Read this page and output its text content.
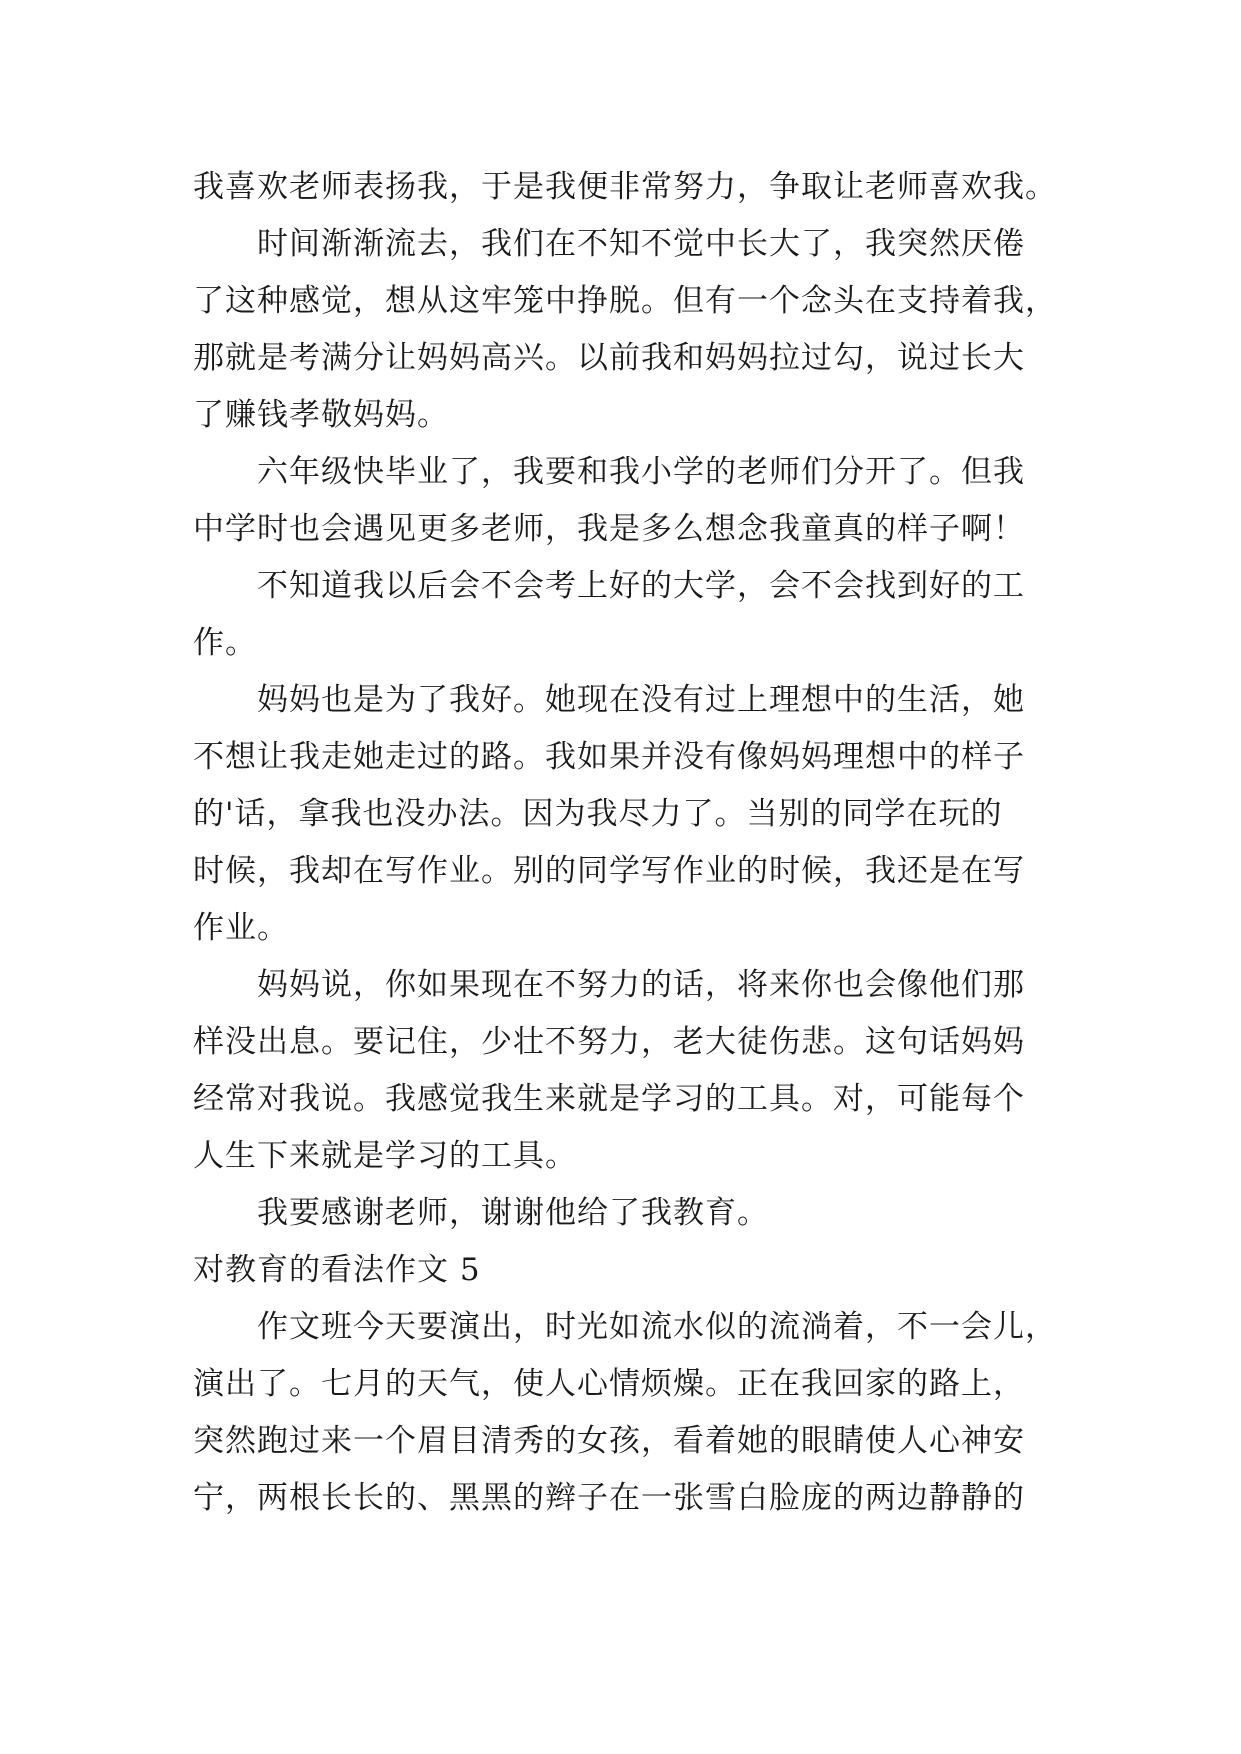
我喜欢老师表扬我，于是我便非常努力，争取让老师喜欢我。

时间渐渐流去，我们在不知不觉中长大了，我突然厌倦

了这种感觉，想从这牢笼中挣脱。但有一个念头在支持着我，

那就是考满分让妈妈高兴。以前我和妈妈拉过勾，说过长大

了赚钱孝敬妈妈。

六年级快毕业了，我要和我小学的老师们分开了。但我

中学时也会遇见更多老师，我是多么想念我童真的样子啊！

不知道我以后会不会考上好的大学，会不会找到好的工

作。

妈妈也是为了我好。她现在没有过上理想中的生活，她

不想让我走她走过的路。我如果并没有像妈妈理想中的样子

的'话，拿我也没办法。因为我尽力了。当别的同学在玩的

时候，我却在写作业。别的同学写作业的时候，我还是在写

作业。

妈妈说，你如果现在不努力的话，将来你也会像他们那

样没出息。要记住，少壮不努力，老大徒伤悲。这句话妈妈

经常对我说。我感觉我生来就是学习的工具。对，可能每个

人生下来就是学习的工具。

我要感谢老师，谢谢他给了我教育。

对教育的看法作文 5

作文班今天要演出，时光如流水似的流淌着，不一会儿，

演出了。七月的天气，使人心情烦燥。正在我回家的路上，

突然跑过来一个眉目清秀的女孩，看着她的眼睛使人心神安

宁，两根长长的、黑黑的辫子在一张雪白脸庞的两边静静的
